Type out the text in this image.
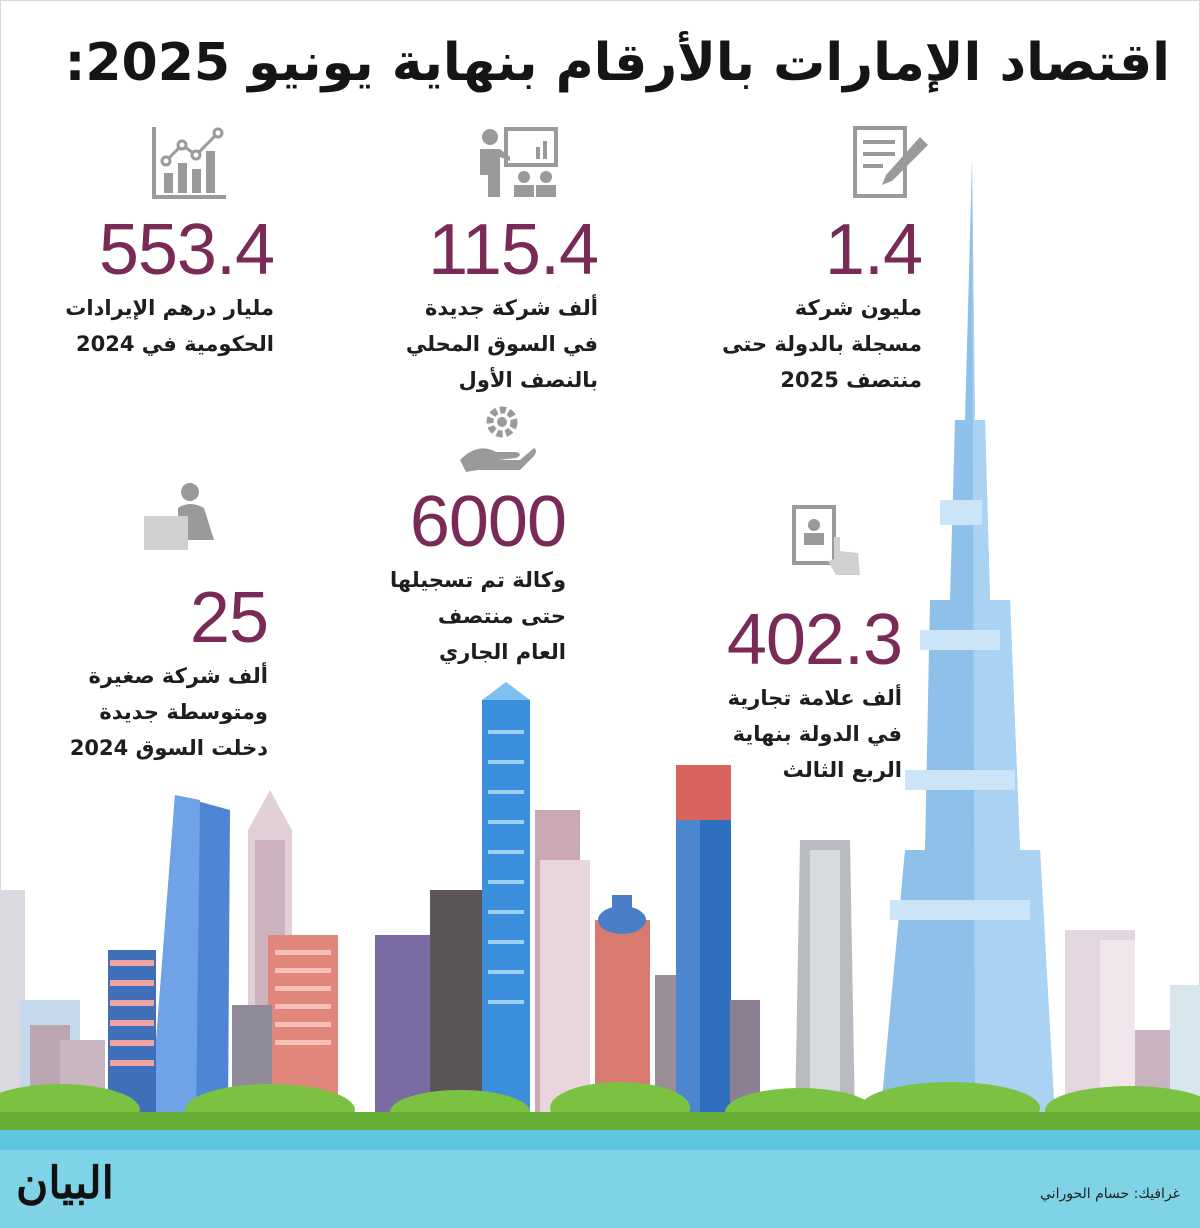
اقتصاد الإمارات بالأرقام بنهاية يونيو 2025:
1.4
مليون شركة
مسجلة بالدولة حتى
منتصف 2025
115.4
ألف شركة جديدة
في السوق المحلي
بالنصف الأول
553.4
مليار درهم الإيرادات
الحكومية في 2024
402.3
ألف علامة تجارية
في الدولة بنهاية
الربع الثالث
6000
وكالة تم تسجيلها
حتى منتصف
العام الجاري
25
ألف شركة صغيرة
ومتوسطة جديدة
دخلت السوق 2024
البيان	غرافيك: حسام الحوراني
